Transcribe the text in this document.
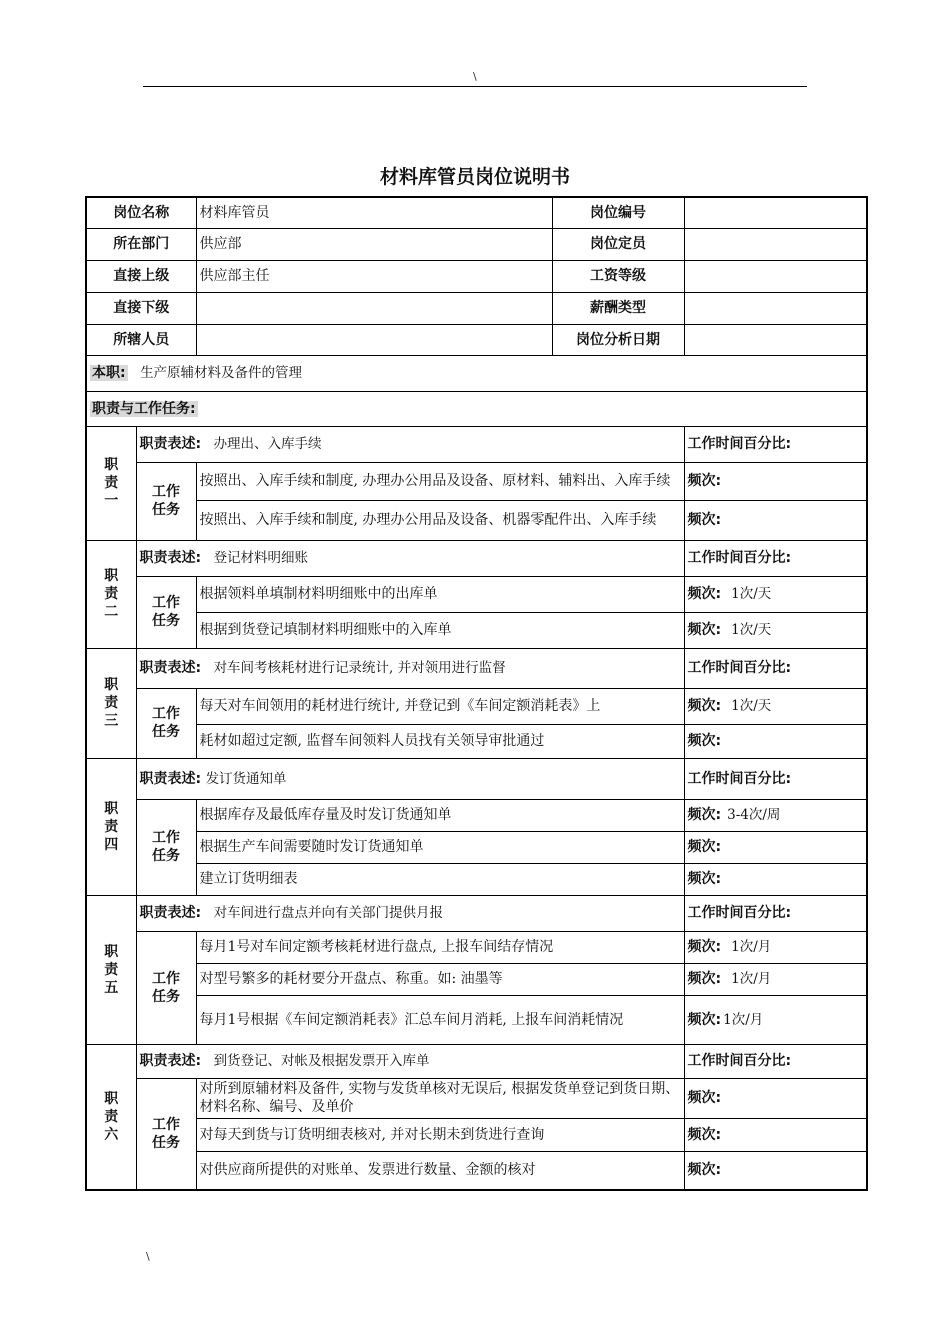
\
材料库管员岗位说明书
岗位名称		材料库管员	岗位编号	
所在部门		供应部	岗位定员	
直接上级		供应部主任	工资等级	
直接下级			薪酬类型	
所辖人员			岗位分析日期	
本职: 生产原辅材料及备件的管理				
职责与工作任务:				

职
责
一	职责表述: 办理出、入库手续			工作时间百分比:

	工作
任务	按照出、入库手续和制度, 办理办公用品及设备、原材料、辅料出、入库手续		频次:
		按照出、入库手续和制度, 办理办公用品及设备、机器零配件出、入库手续		频次:

职
责
二	职责表述: 登记材料明细账			工作时间百分比:

	工作
任务	根据领料单填制材料明细账中的出库单		频次: 1次/天
		根据到货登记填制材料明细账中的入库单		频次: 1次/天

职
责
三	职责表述: 对车间考核耗材进行记录统计, 并对领用进行监督			工作时间百分比:

	工作
任务	每天对车间领用的耗材进行统计, 并登记到《车间定额消耗表》上		频次: 1次/天
		耗材如超过定额, 监督车间领料人员找有关领导审批通过		频次:

职
责
四	职责表述: 发订货通知单			工作时间百分比:

	工作
任务	根据库存及最低库存量及时发订货通知单		频次: 3-4次/周
		根据生产车间需要随时发订货通知单		频次:
		建立订货明细表		频次:

职
责
五	职责表述: 对车间进行盘点并向有关部门提供月报			工作时间百分比:

	工作
任务	每月1号对车间定额考核耗材进行盘点, 上报车间结存情况		频次: 1次/月
		对型号繁多的耗材要分开盘点、称重。如: 油墨等		频次: 1次/月
		每月1号根据《车间定额消耗表》汇总车间月消耗, 上报车间消耗情况		频次: 1次/月

职
责
六	职责表述: 到货登记、对帐及根据发票开入库单			工作时间百分比:

	工作
任务	对所到原辅材料及备件, 实物与发货单核对无误后, 根据发货单登记到货日期、材料名称、编号、及单价		频次:
		对每天到货与订货明细表核对, 并对长期未到货进行查询		频次:
		对供应商所提供的对账单、发票进行数量、金额的核对		频次:
\
